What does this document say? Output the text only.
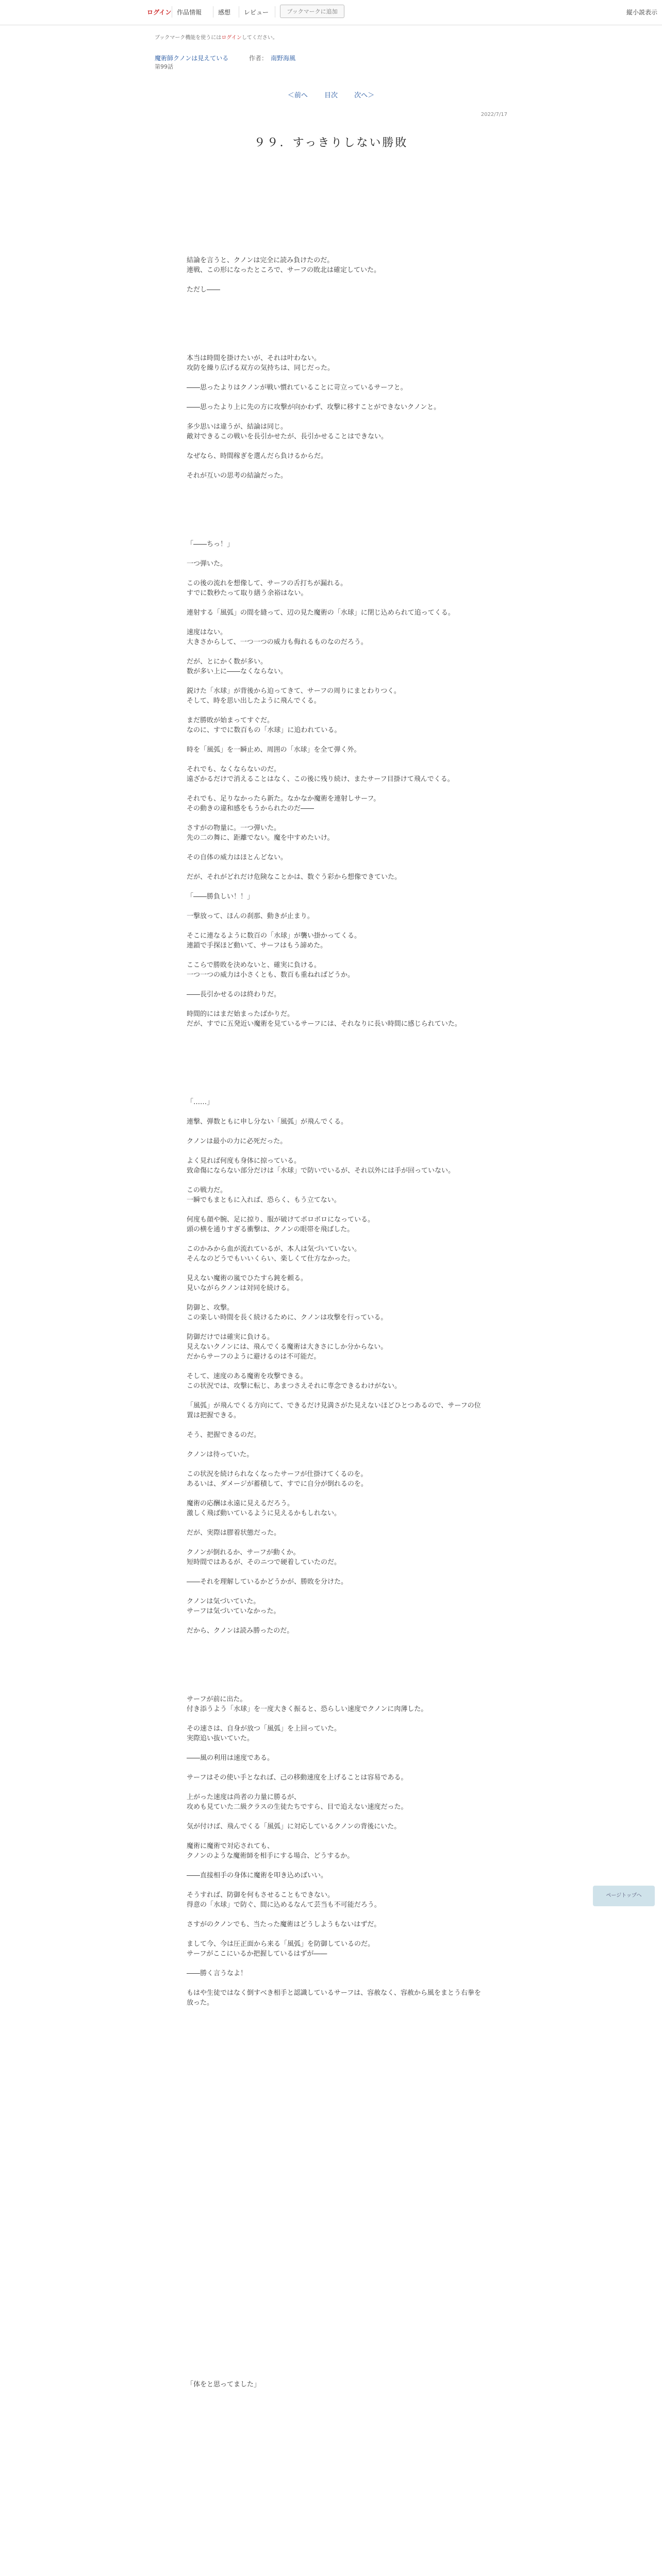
ログイン 作品情報	感想 レビュー	ブックマークに追加	縦小説表示
ブックマーク機能を使うにはログインしてください。
魔術師クノンは見えている	作者： 南野海風
第99話
＜前へ 目次 次へ＞
2022/7/17
９９．すっきりしない勝敗

結論を言うと、クノンは完全に読み負けたのだ。

連戦、この形になったところで、サーフの敗北は確定していた。

ただし――

本当は時間を掛けたいが、それは叶わない。

攻防を繰り広げる双方の気持ちは、同じだった。

――思ったよりはクノンが戦い慣れていることに苛立っているサーフと。

――思ったより上に先の方に攻撃が向かわず、攻撃に移すことができないクノンと。

多少思いは違うが、結論は同じ。

敵対できるこの戦いを長引かせたが、長引かせることはできない。

なぜなら、時間稼ぎを選んだら負けるからだ。

それが互いの思考の結論だった。

「――ちっ！」

一つ弾いた。

この後の流れを想像して、サーフの舌打ちが漏れる。

すでに数秒たって取り繕う余裕はない。

連射する「風弧」の間を縫って、辺の見た魔術の「水球」に閉じ込められて追ってくる。

速度はない。

大きさからして、一つ一つの威力も侮れるものなのだろう。

だが、とにかく数が多い。

数が多い上に――なくならない。

鋭けた「水球」が背後から迫ってきて、サーフの周りにまとわりつく。

そして、時を思い出したように飛んでくる。

まだ勝敗が始まってすぐだ。

なのに、すでに数百もの「水球」に追われている。

時を「風弧」を一瞬止め、周囲の「水球」を全て弾く外。

それでも、なくならないのだ。

遠ざかるだけで消えることはなく、この後に残り続け、またサーフ目掛けて飛んでくる。

それでも、足りなかったら新た。なかなか魔術を連射しサーフ。

その動きの違和感をもうかられたのだ――

さすがの物量に。一つ弾いた。

先の二の舞に、距離でない。魔を中すめたいけ。

その自体の威力はほとんどない。

だが、それがどれだけ危険なことかは、数ぐう彩から想像できていた。

「――勝負しい！！」

一撃放って、ほんの刹那、動きが止まり。

そこに連なるように数百の「水球」が襲い掛かってくる。

連鎖で手探ほど動いて、サーフはもう諦めた。

ここらで勝敗を決めないと、確実に負ける。

一つ一つの威力は小さくとも、数百も重ねればどうか。

――長引かせるのは終わりだ。

時間的にはまだ始まったばかりだ。

だが、すでに五発近い魔術を見ているサーフには、それなりに長い時間に感じられていた。

「……」

連撃、弾数ともに申し分ない「風弧」が飛んでくる。

クノンは最小の力に必死だった。

よく見れば何度も身体に掠っている。

致命傷にならない部分だけは「水球」で防いでいるが、それ以外には手が回っていない。

この戦力だ。

一瞬でもまともに入れば、恐らく、もう立てない。

何度も顔や腕、足に掠り、服が破けてボロボロになっている。

頭の横を通りすぎる衝撃は、クノンの眼帯を飛ばした。

このかみから血が流れているが、本人は気づいていない。

そんなのどうでもいいくらい、楽しくて仕方なかった。

見えない魔術の嵐でひたすら鈍を頼る。

見いながらクノンは対同を続ける。

防御と、攻撃。

この楽しい時間を長く続けるために、クノンは攻撃を行っている。

防御だけでは確実に負ける。

見えないクノンには、飛んでくる魔術は大きさにしか分からない。

だからサーフのように避けるのは不可能だ。

そして、速度のある魔術を攻撃できる。

この状況では、攻撃に転じ、あまつさえそれに専念できるわけがない。

「風弧」が飛んでくる方向にて、できるだけ見満さがた見えないほどひとつあるので、サーフの位置は把握できる。

そう、把握できるのだ。

クノンは待っていた。

この状況を続けられなくなったサーフが仕掛けてくるのを。

あるいは、ダメージが蓄積して、すでに自分が倒れるのを。

魔術の応酬は永遠に見えるだろう。

激しく飛ば動いているように見えるかもしれない。

だが、実際は膠着状態だった。

クノンが倒れるか、サーフが動くか。

短時間ではあるが、そのニつで硬着していたのだ。

――それを理解しているかどうかが、勝敗を分けた。

クノンは気づいていた。

サーフは気づいていなかった。

だから、クノンは読み勝ったのだ。

サーフが前に出た。

付き添うよう「水球」を一度大きく振ると、恐らしい速度でクノンに肉薄した。

その速さは、自身が放つ「風弧」を上回っていた。

実際追い抜いていた。

――風の利用は速度である。

サーフはその使い手となれば、己の移動速度を上げることは容易である。

上がった速度は尚者の力量に勝るが、

攻めも見ていた二級クラスの生徒たちですら、目で追えない速度だった。

気が付けば、飛んでくる「風弧」に対応しているクノンの背後にいた。

魔術に魔術で対応されても、

クノンのような魔術師を相手にする場合、どうするか。

――直接相手の身体に魔術を叩き込めばいい。

そうすれば、防御を何もさせることもできない。

得意の「水球」で防ぐ、間に込めるなんて芸当も不可能だろう。

さすがのクノンでも、当たった魔術はどうしようもないはずだ。

まして今、今は圧正面から来る「風弧」を防御しているのだ。

サーフがここにいるか把握しているはずが――

――勝く言うなよ！

もはや生徒ではなく倒すべき相手と認識しているサーフは、容赦なく、容赦から風をまとう右拳を放った。

「体をと思ってました」

ページトップへ
